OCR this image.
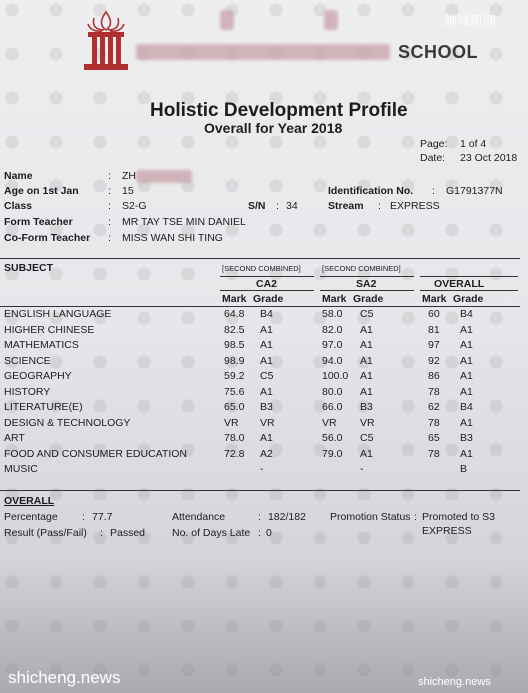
SCHOOL
狮城新闻
Holistic Development Profile
Overall for Year 2018
Page: 1 of 4
Date: 23 Oct 2018
Name	: ZH
Age on 1st Jan	: 15	Identification No. : G1791377N
Class	: S2-G	S/N : 34	Stream : EXPRESS
Form Teacher	: MR TAY TSE MIN DANIEL
Co-Form Teacher : MISS WAN SHI TING
SUBJECT	[SECOND COMBINED]	[SECOND COMBINED]
CA2	SA2	OVERALL
Mark Grade	Mark Grade	Mark Grade
ENGLISH LANGUAGE	64.8 B4	58.0 C5	60 B4
HIGHER CHINESE	82.5 A1	82.0 A1	81 A1
MATHEMATICS	98.5 A1	97.0 A1	97 A1
SCIENCE	98.9 A1	94.0 A1	92 A1
GEOGRAPHY	59.2 C5	100.0 A1	86 A1
HISTORY	75.6 A1	80.0 A1	78 A1
LITERATURE(E)	65.0 B3	66.0 B3	62 B4
DESIGN & TECHNOLOGY	VR VR	VR VR	78 A1
ART	78.0 A1	56.0 C5	65 B3
FOOD AND CONSUMER EDUCATION	72.8 A2	79.0 A1	78 A1
MUSIC	-	-	B
OVERALL
Percentage : 77.7	Attendance	: 182/182 Promotion Status : Promoted to S3
Result (Pass/Fail) : Passed	No. of Days Late : 0	EXPRESS
shicheng.news	shicheng.news
